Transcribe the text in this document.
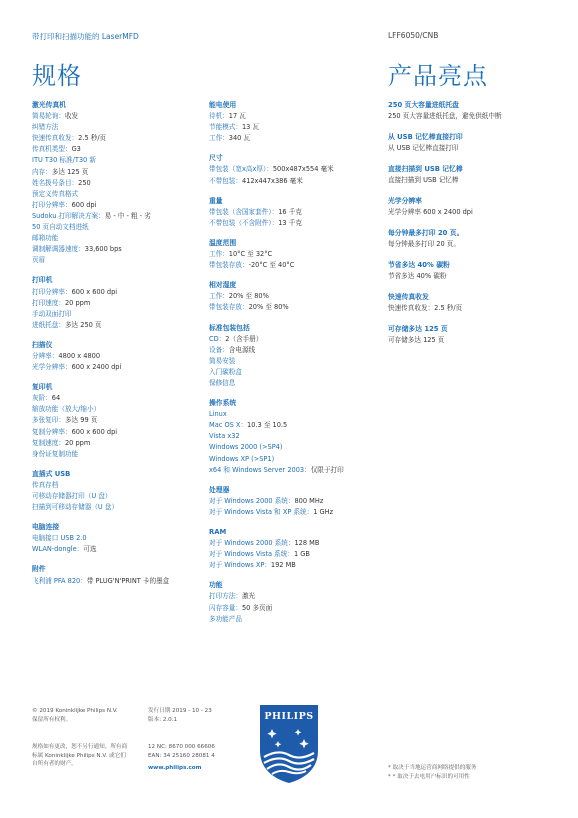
带打印和扫描功能的 LaserMFD	LFF6050/CNB
规格	产品亮点
激光传真机
简易轮询：收发
纠错方法
快速传真收发：2.5 秒/页
传真机类型：G3
ITU T30 标准/T30 新
内存：多达 125 页
姓名拨号条目：250
预定义传真格式
打印分辨率：600 dpi
Sudoku 打印解决方案：易 - 中 - 粗 - 劣
50 页自动文档进纸
邮箱功能
调制解调器速度：33,600 bps
页眉
打印机
打印分辨率：600 x 600 dpi
打印速度：20 ppm
手动双面打印
进纸托盘：多达 250 页
扫描仪
分辨率：4800 x 4800
光学分辨率：600 x 2400 dpi
复印机
灰阶：64
缩放功能（放大/缩小）
多张复印：多达 99 页
复制分辨率：600 x 600 dpi
复制速度：20 ppm
身份证复制功能
直插式 USB
传真存档
可移动存储器打印（U 盘）
扫描到可移动存储器（U 盘）
电脑连接
电脑接口 USB 2.0
WLAN-dongle：可选
附件
飞利浦 PFA 820：带 PLUG'N'PRINT 卡的墨盒
能电使用
待机：17 瓦
节能模式：13 瓦
工作：340 瓦
尺寸
带包装（宽x高x厚）：500x487x554 毫米
不带包装：412x447x386 毫米
重量
带包装（含国家套件）：16 千克
不带包装（不含附件）：13 千克
温度范围
工作：10°C 至 32°C
带包装存放：-20°C 至 40°C
相对湿度
工作：20% 至 80%
带包装存放：20% 至 80%
标准包装包括
CD：2（含手册）
设备：含电源线
简易安装
入门碳粉盒
保修信息
操作系统
Linux
Mac OS X：10.3 至 10.5
Vista x32
Windows 2000 (>SP4)
Windows XP (>SP1)
x64 和 Windows Server 2003：仅限于打印
处理器
对于 Windows 2000 系统：800 MHz
对于 Windows Vista 和 XP 系统：1 GHz
RAM
对于 Windows 2000 系统：128 MB
对于 Windows Vista 系统：1 GB
对于 Windows XP：192 MB
功能
打印方法：激光
闪存容量：50 多页面
多功能产品
250 页大容量进纸托盘
250 页大容量进纸托盘，避免供纸中断
从 USB 记忆棒直接打印
从 USB 记忆棒直接打印
直接扫描到 USB 记忆棒
直接扫描到 USB 记忆棒
光学分辨率
光学分辨率 600 x 2400 dpi
每分钟最多打印 20 页。
每分钟最多打印 20 页。
节省多达 40% 碳粉
节省多达 40% 碳粉
快速传真收发
快速传真收发：2.5 秒/页
可存储多达 125 页
可存储多达 125 页
© 2019 Koninklijke Philips N.V.
保留所有权利。
规格如有更改，恕不另行通知。所有商
标属 Koninklijke Philips N.V. 或它们
自所有者的财产。
发行日期 2019 - 10 - 23
版本: 2.0.1
12 NC: 8670 000 66606
EAN: 34 25160 28081 4
www.philips.com
PHILIPS
* 取决于当地运营商网络提供的服务
* * 取决于去电用户标识的可用性
